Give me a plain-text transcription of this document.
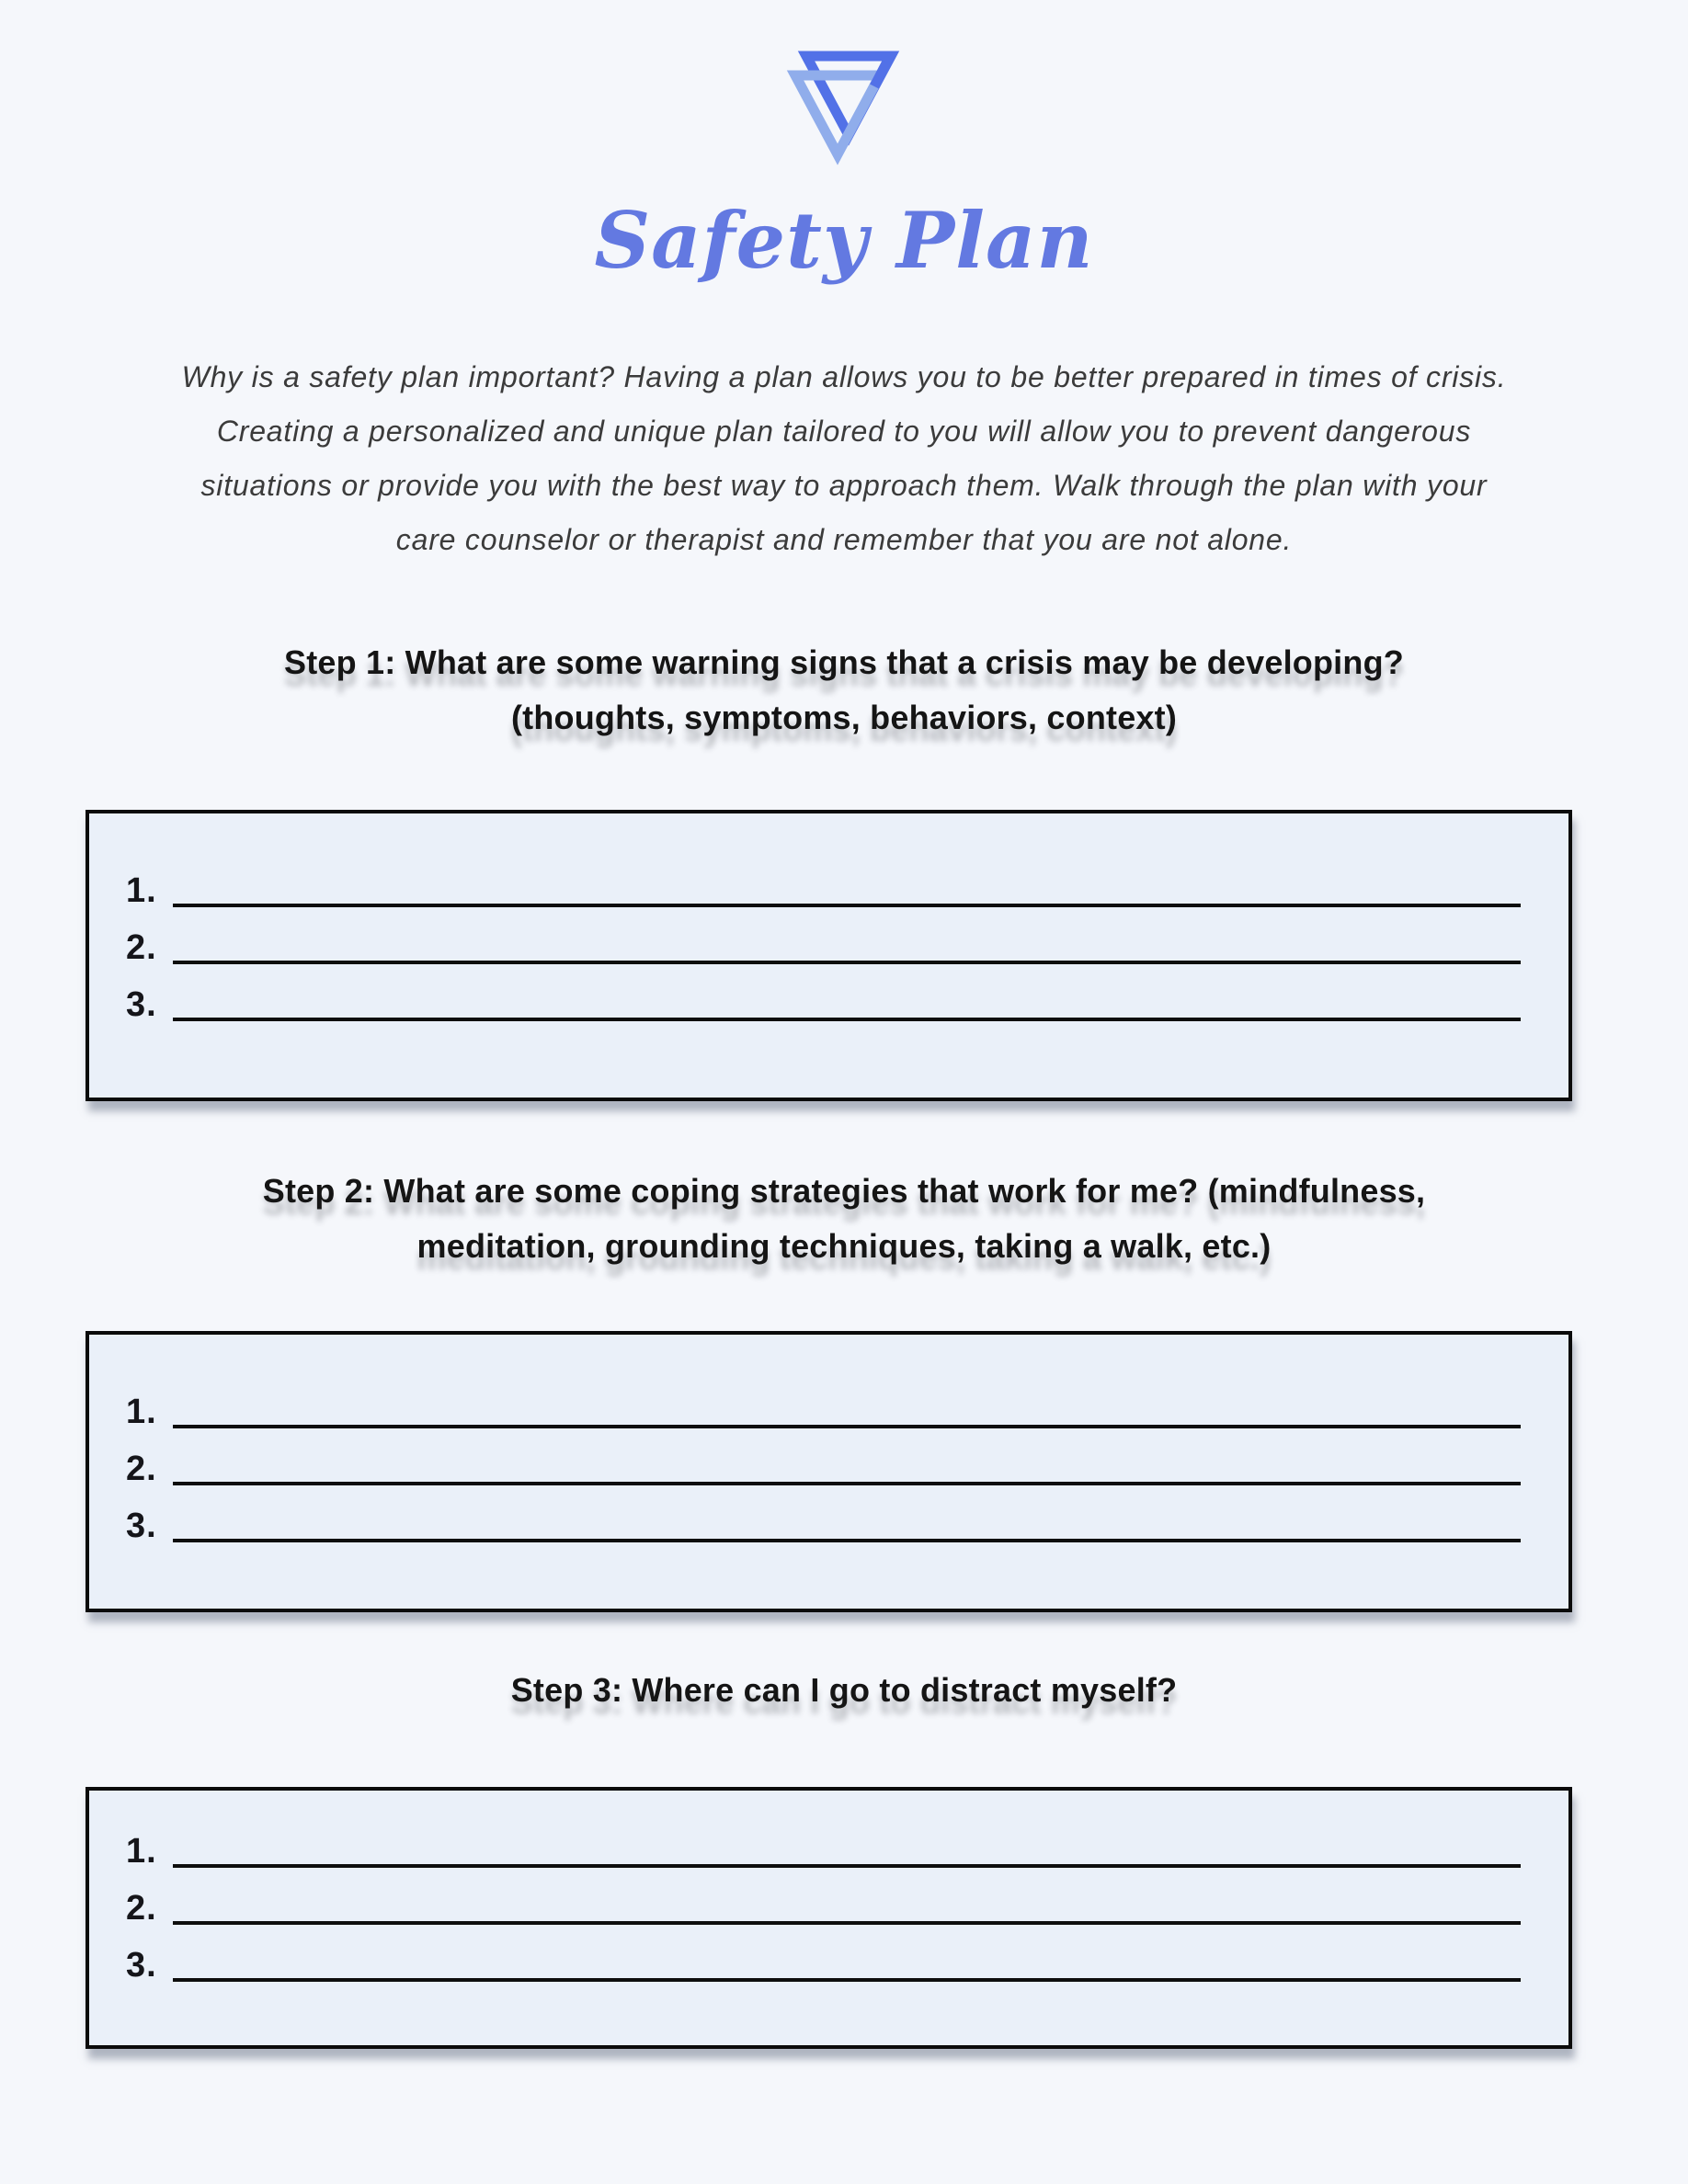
Safety Plan
Why is a safety plan important? Having a plan allows you to be better prepared in times of crisis.
Creating a personalized and unique plan tailored to you will allow you to prevent dangerous
situations or provide you with the best way to approach them. Walk through the plan with your
care counselor or therapist and remember that you are not alone.
Step 1: What are some warning signs that a crisis may be developing?
(thoughts, symptoms, behaviors, context)
1.
2.
3.
Step 2: What are some coping strategies that work for me? (mindfulness,
meditation, grounding techniques, taking a walk, etc.)
1.
2.
3.
Step 3: Where can I go to distract myself?
1.
2.
3.
